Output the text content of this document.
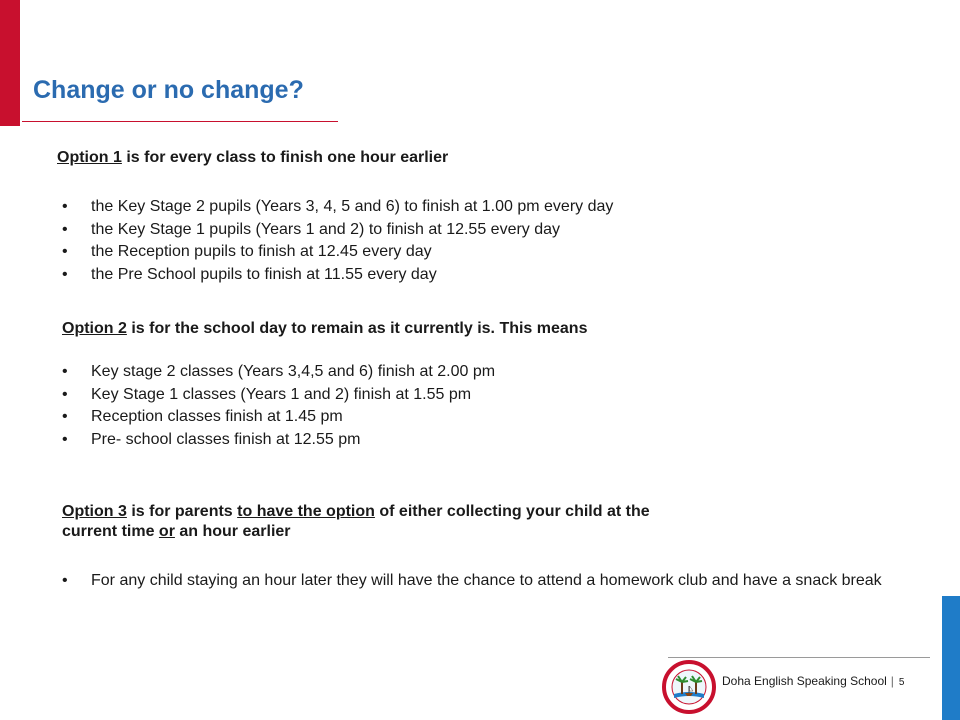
Change or no change?

Option 1 is for every class to finish one hour earlier

• the Key Stage 2 pupils (Years 3, 4, 5 and 6) to finish at 1.00 pm every day
• the Key Stage 1 pupils (Years 1 and 2) to finish at 12.55 every day
• the Reception pupils to finish at 12.45 every day
• the Pre School pupils to finish at 11.55 every day

Option 2 is for the school day to remain as it currently is. This means

• Key stage 2 classes (Years 3,4,5 and 6) finish at 2.00 pm
• Key Stage 1 classes (Years 1 and 2) finish at 1.55 pm
• Reception classes finish at 1.45 pm
• Pre- school classes finish at 12.55 pm

Option 3 is for parents to have the option of either collecting your child at the
current time or an hour earlier

• For any child staying an hour later they will have the chance to attend a homework club and have a snack break
Doha English Speaking School | 5
